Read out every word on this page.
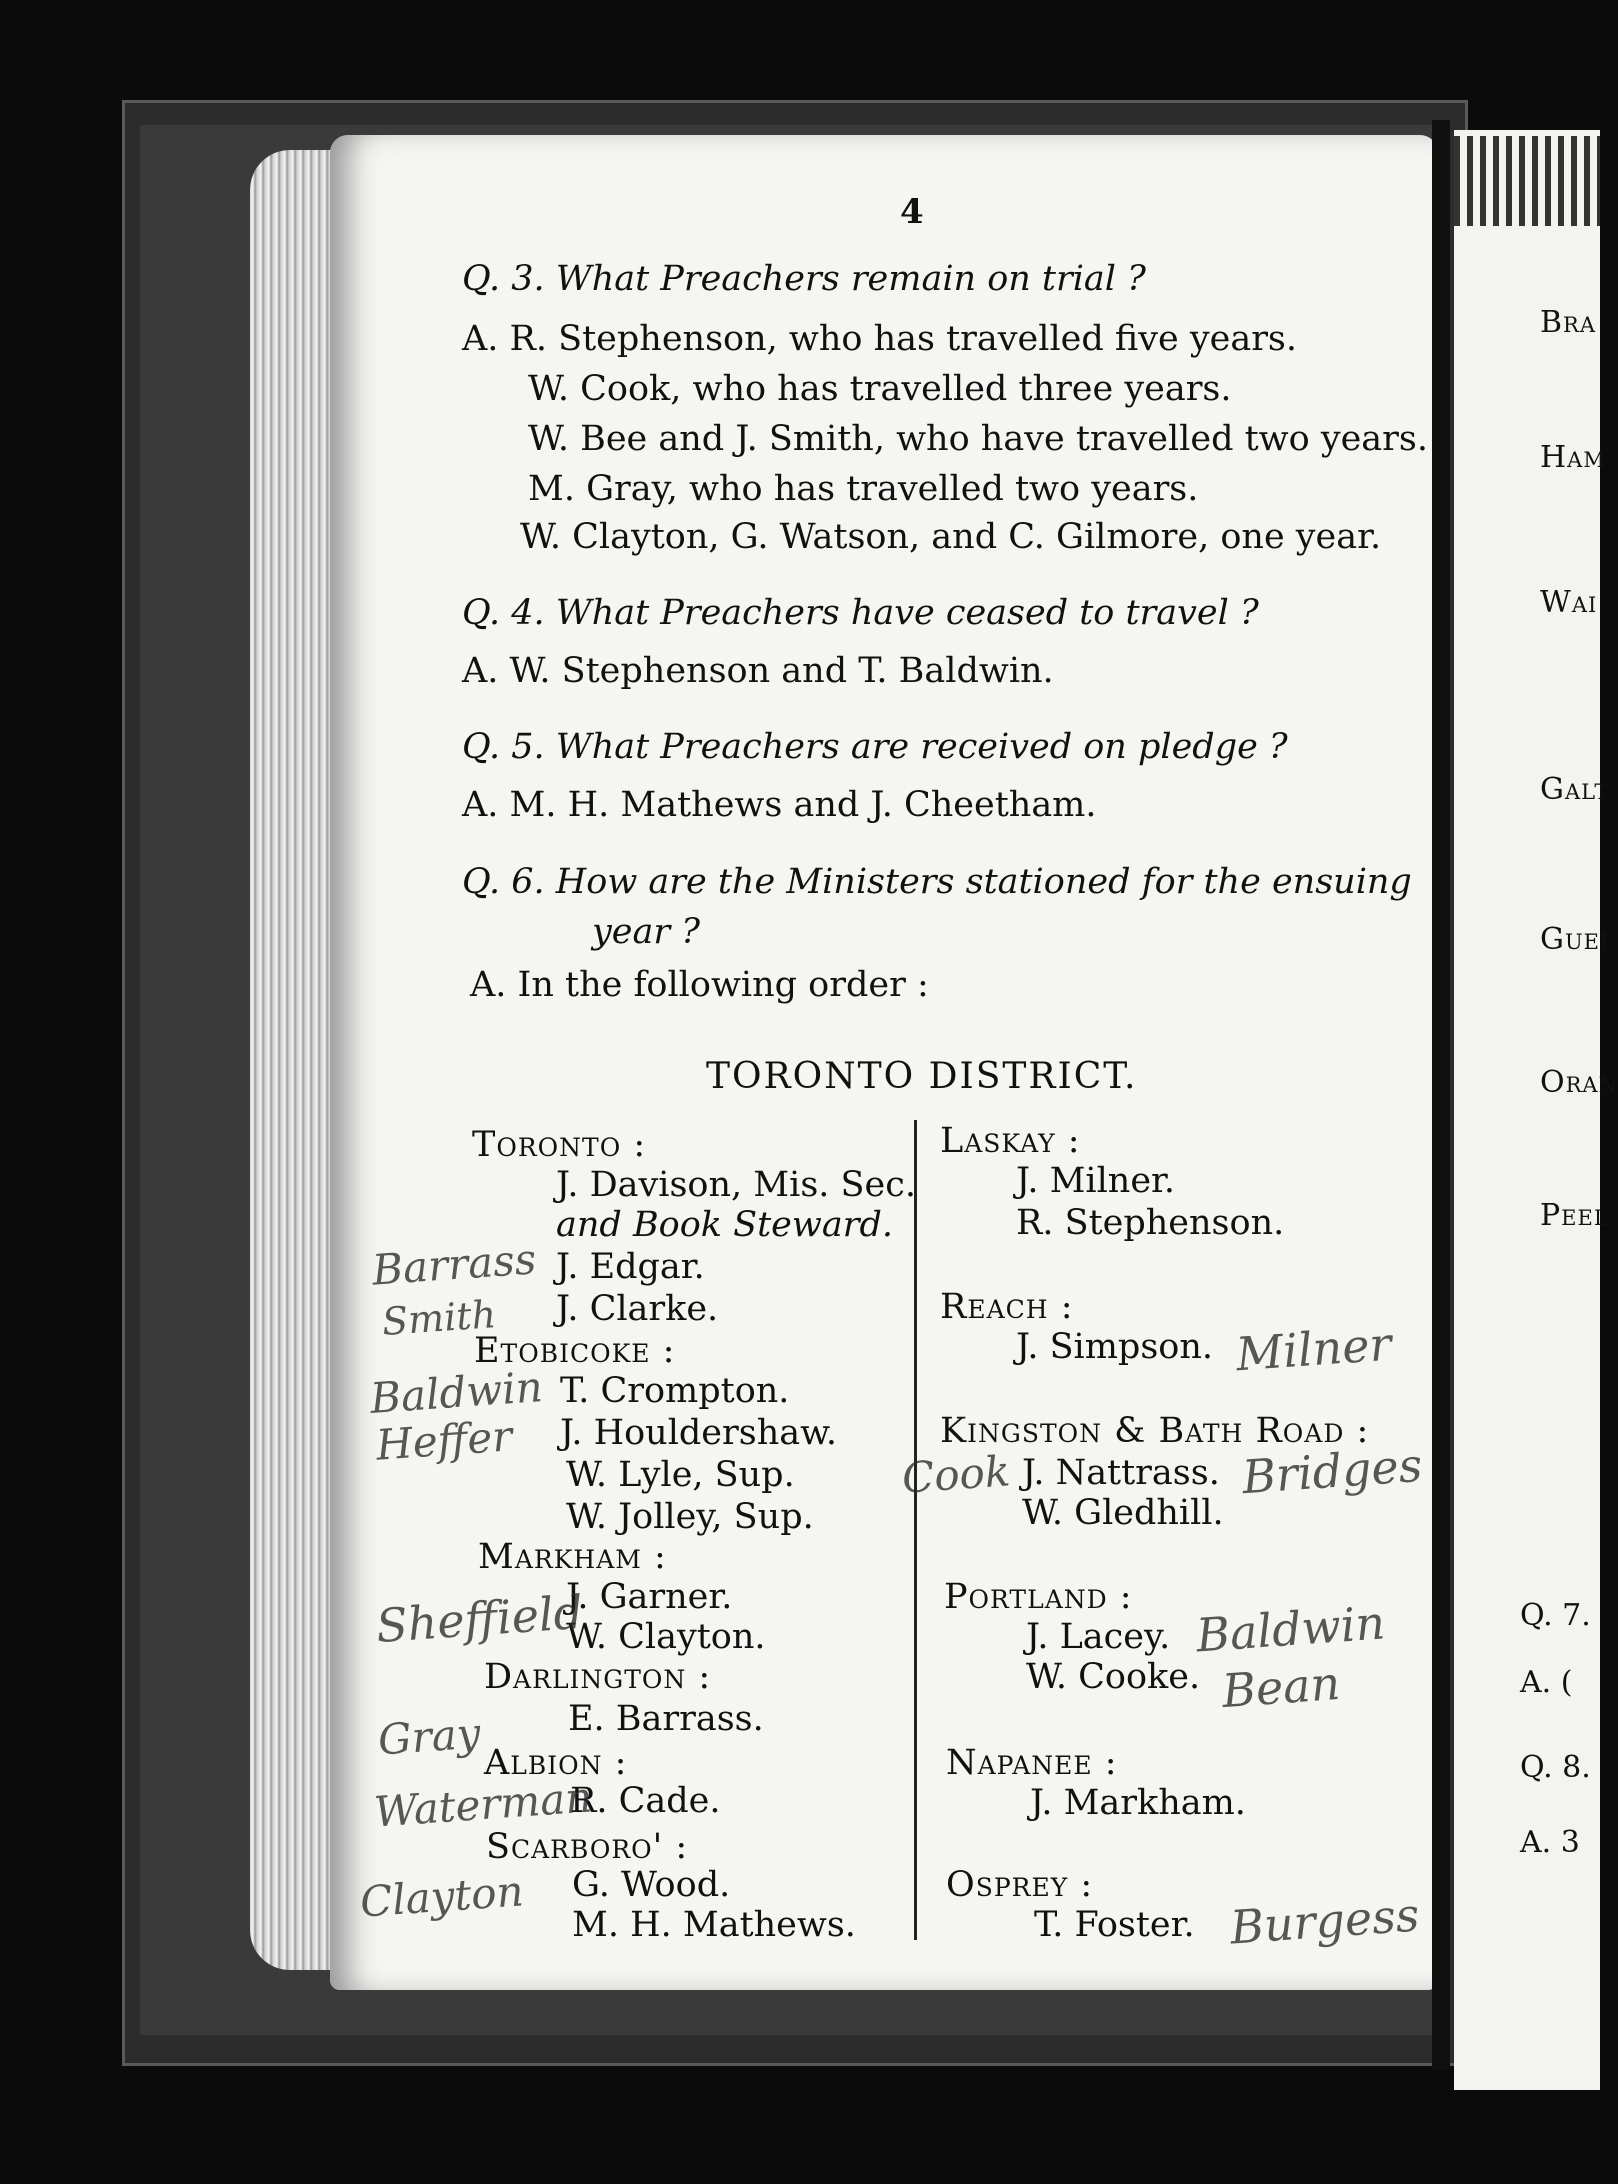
Bra
Ham
Wai
Galt
Guei
Oran
Peel
Q. 7.
A. (
Q. 8.
A. 3
4
Q. 3. What Preachers remain on trial ?
A. R. Stephenson, who has travelled five years.
W. Cook, who has travelled three years.
W. Bee and J. Smith, who have travelled two years.
M. Gray, who has travelled two years.
W. Clayton, G. Watson, and C. Gilmore, one year.
Q. 4. What Preachers have ceased to travel ?
A. W. Stephenson and T. Baldwin.
Q. 5. What Preachers are received on pledge ?
A. M. H. Mathews and J. Cheetham.
Q. 6. How are the Ministers stationed for the ensuing
year ?
A. In the following order :
TORONTO DISTRICT.
Toronto :
J. Davison, Mis. Sec.
and Book Steward.
J. Edgar.
J. Clarke.
Etobicoke :
T. Crompton.
J. Houldershaw.
W. Lyle, Sup.
W. Jolley, Sup.
Markham :
J. Garner.
W. Clayton.
Darlington :
E. Barrass.
Albion :
R. Cade.
Scarboro' :
G. Wood.
M. H. Mathews.
Laskay :
J. Milner.
R. Stephenson.
Reach :
J. Simpson.
Kingston & Bath Road :
J. Nattrass.
W. Gledhill.
Portland :
J. Lacey.
W. Cooke.
Napanee :
J. Markham.
Osprey :
T. Foster.
Barrass
Smith
Baldwin
Heffer
Sheffield
Gray
Waterman
Clayton
Milner
Cook	Bridges
Baldwin
Bean
Burgess
